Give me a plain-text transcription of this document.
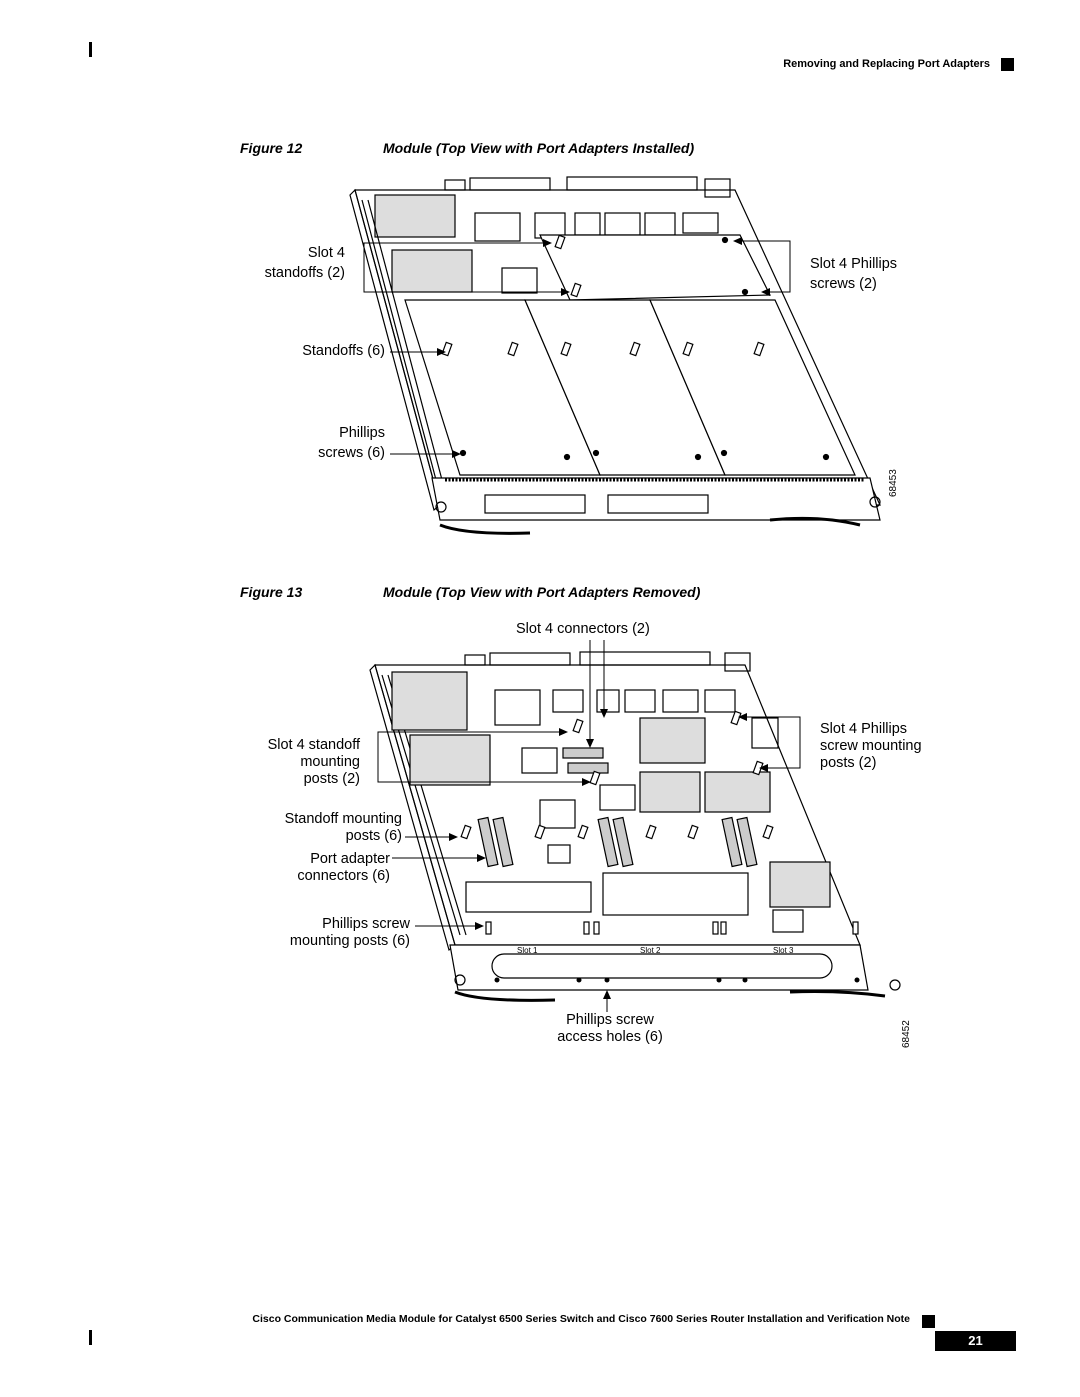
Removing and Replacing Port Adapters
Figure 12	Module (Top View with Port Adapters Installed)
Slot 4
standoffs (2)
Slot 4 Phillips
screws (2)
Standoffs (6)
Phillips
screws (6)
68453
Figure 13	Module (Top View with Port Adapters Removed)
Slot 1	Slot 2	Slot 3
Slot 4 connectors (2)
Slot 4 standoff
mounting
posts (2)
Slot 4 Phillips
screw mounting
posts (2)
Standoff mounting
posts (6)
Port adapter
connectors (6)
Phillips screw
mounting posts (6)
Phillips screw
access holes (6)	68452
Cisco Communication Media Module for Catalyst 6500 Series Switch and Cisco 7600 Series Router Installation and Verification Note
21
